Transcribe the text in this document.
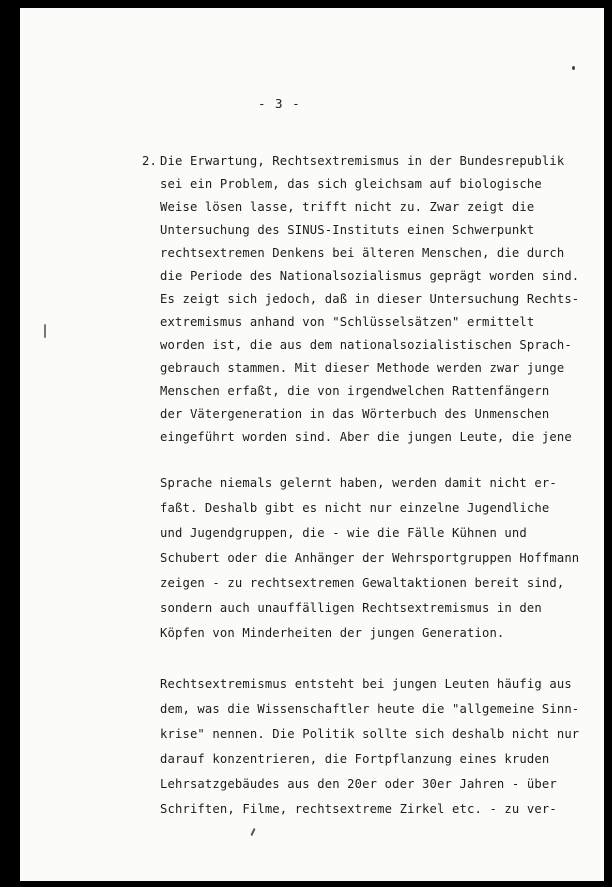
- 3 -
2. Die Erwartung, Rechtsextremismus in der Bundesrepublik
sei ein Problem, das sich gleichsam auf biologische
Weise lösen lasse, trifft nicht zu. Zwar zeigt die
Untersuchung des SINUS-Instituts einen Schwerpunkt
rechtsextremen Denkens bei älteren Menschen, die durch
die Periode des Nationalsozialismus geprägt worden sind.
Es zeigt sich jedoch, daß in dieser Untersuchung Rechts-
extremismus anhand von "Schlüsselsätzen" ermittelt
worden ist, die aus dem nationalsozialistischen Sprach-
gebrauch stammen. Mit dieser Methode werden zwar junge
Menschen erfaßt, die von irgendwelchen Rattenfängern
der Vätergeneration in das Wörterbuch des Unmenschen
eingeführt worden sind. Aber die jungen Leute, die jene
Sprache niemals gelernt haben, werden damit nicht er-
faßt. Deshalb gibt es nicht nur einzelne Jugendliche
und Jugendgruppen, die - wie die Fälle Kühnen und
Schubert oder die Anhänger der Wehrsportgruppen Hoffmann
zeigen - zu rechtsextremen Gewaltaktionen bereit sind,
sondern auch unauffälligen Rechtsextremismus in den
Köpfen von Minderheiten der jungen Generation.
Rechtsextremismus entsteht bei jungen Leuten häufig aus
dem, was die Wissenschaftler heute die "allgemeine Sinn-
krise" nennen. Die Politik sollte sich deshalb nicht nur
darauf konzentrieren, die Fortpflanzung eines kruden
Lehrsatzgebäudes aus den 20er oder 30er Jahren - über
Schriften, Filme, rechtsextreme Zirkel etc. - zu ver-
